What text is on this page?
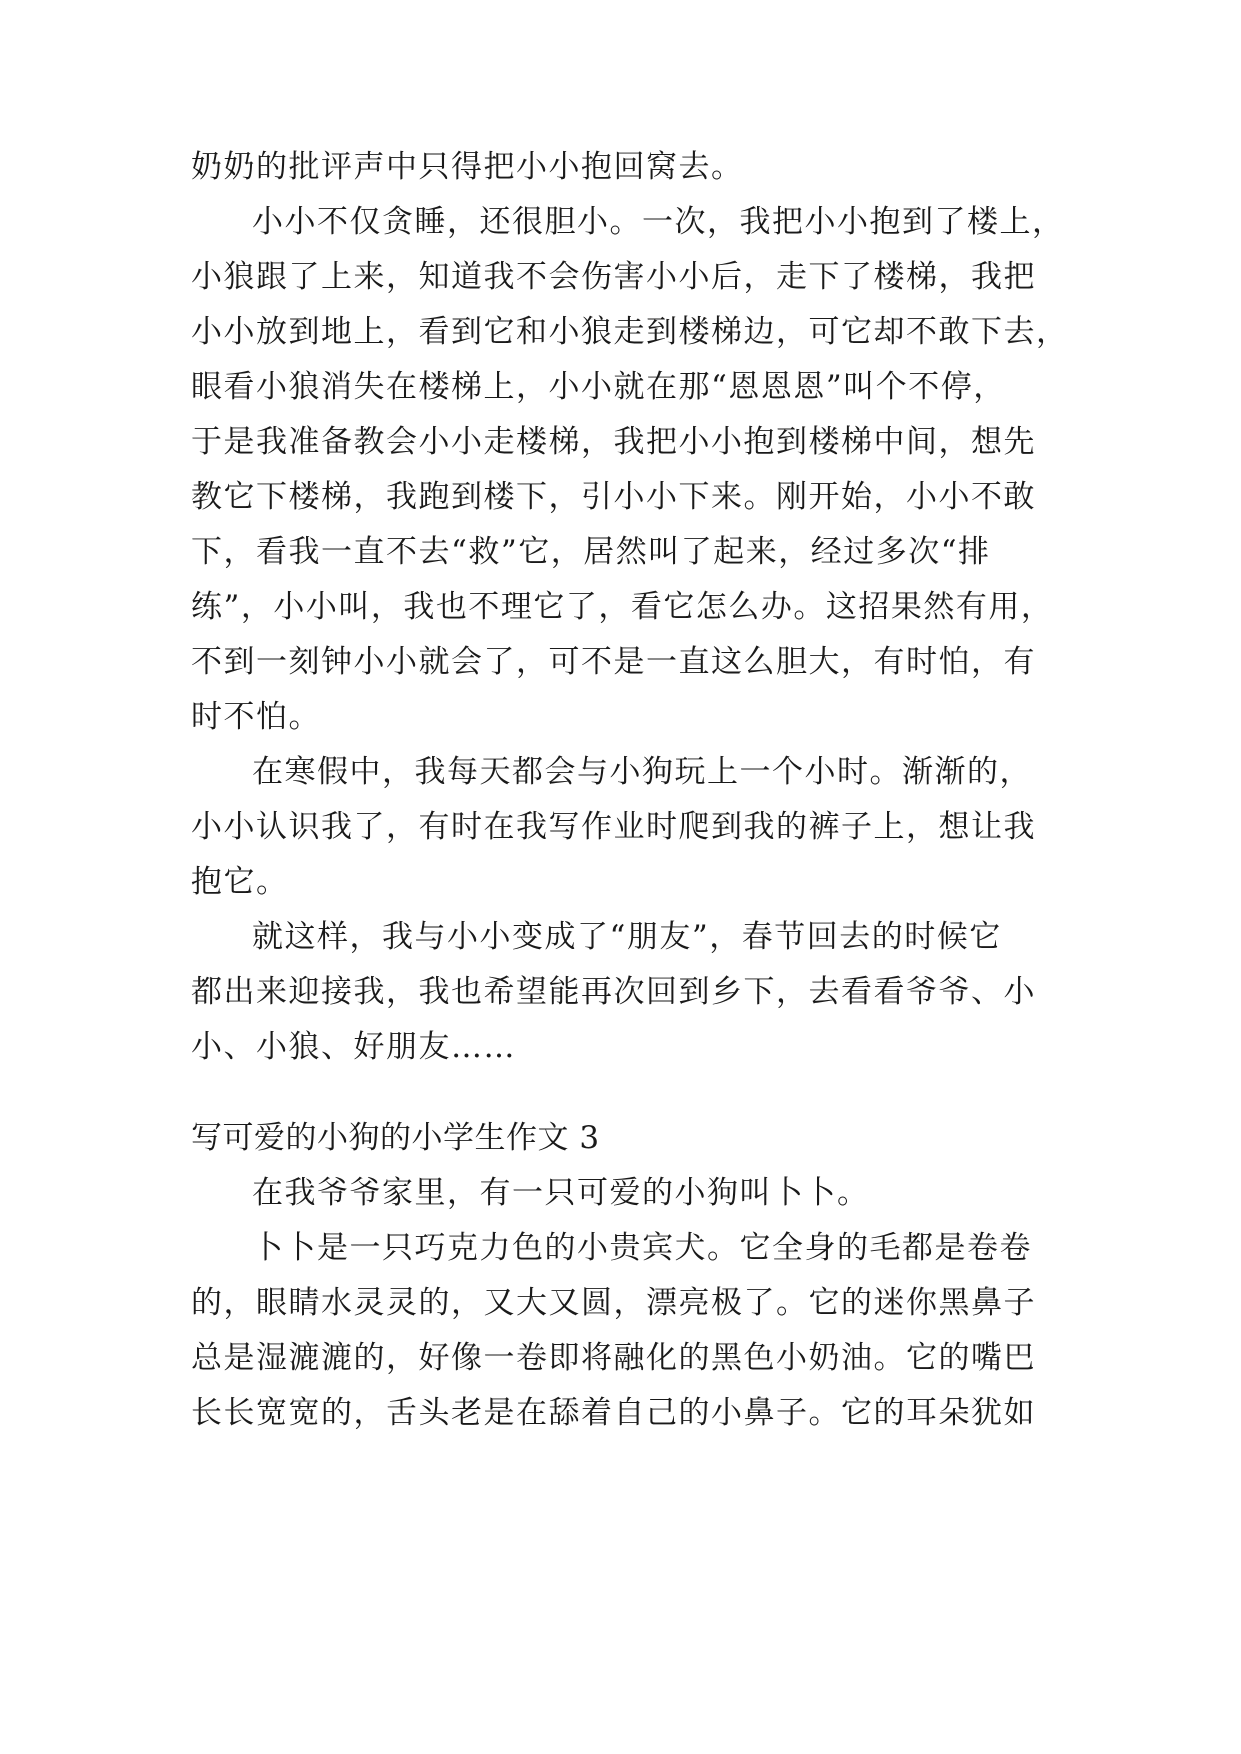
奶奶的批评声中只得把小小抱回窝去。
小小不仅贪睡，还很胆小。一次，我把小小抱到了楼上，
小狼跟了上来，知道我不会伤害小小后，走下了楼梯，我把
小小放到地上，看到它和小狼走到楼梯边，可它却不敢下去，
眼看小狼消失在楼梯上，小小就在那“恩恩恩”叫个不停，
于是我准备教会小小走楼梯，我把小小抱到楼梯中间，想先
教它下楼梯，我跑到楼下，引小小下来。刚开始，小小不敢
下，看我一直不去“救”它，居然叫了起来，经过多次“排
练”，小小叫，我也不理它了，看它怎么办。这招果然有用，
不到一刻钟小小就会了，可不是一直这么胆大，有时怕，有
时不怕。
在寒假中，我每天都会与小狗玩上一个小时。渐渐的，
小小认识我了，有时在我写作业时爬到我的裤子上，想让我
抱它。
就这样，我与小小变成了“朋友”，春节回去的时候它
都出来迎接我，我也希望能再次回到乡下，去看看爷爷、小
小、小狼、好朋友……
写可爱的小狗的小学生作文 3
在我爷爷家里，有一只可爱的小狗叫卜卜。
卜卜是一只巧克力色的小贵宾犬。它全身的毛都是卷卷
的，眼睛水灵灵的，又大又圆，漂亮极了。它的迷你黑鼻子
总是湿漉漉的，好像一卷即将融化的黑色小奶油。它的嘴巴
长长宽宽的，舌头老是在舔着自己的小鼻子。它的耳朵犹如
